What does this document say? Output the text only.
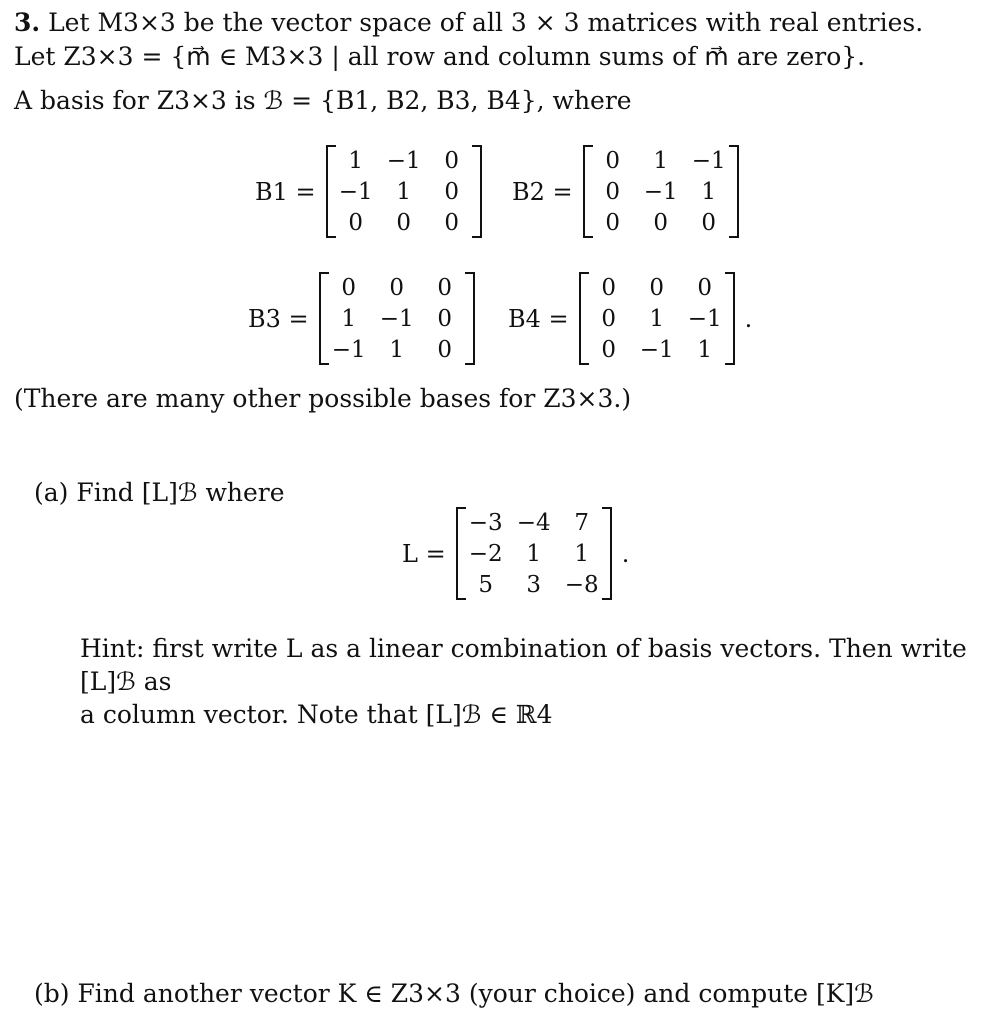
3. Let M3×3 be the vector space of all 3 × 3 matrices with real entries.
Let Z3×3 = {m⃗ ∈ M3×3 | all row and column sums of m⃗ are zero}.
A basis for Z3×3 is ℬ = {B1, B2, B3, B4}, where
B1 =
1	−1	0
−1	1	0
0	0	0
B2 =
0	1	−1
0	−1	1
0	0	0
B3 =
0	0	0
1	−1	0
−1	1	0
B4 =
0	0	0
0	1	−1
0	−1	1
.
(There are many other possible bases for Z3×3.)
(a) Find [L]ℬ where
L =
−3	−4	7
−2	1	1
5	3	−8
.
Hint: first write L as a linear combination of basis vectors. Then write [L]ℬ as
a column vector. Note that [L]ℬ ∈ ℝ4
(b) Find another vector K ∈ Z3×3 (your choice) and compute [K]ℬ
